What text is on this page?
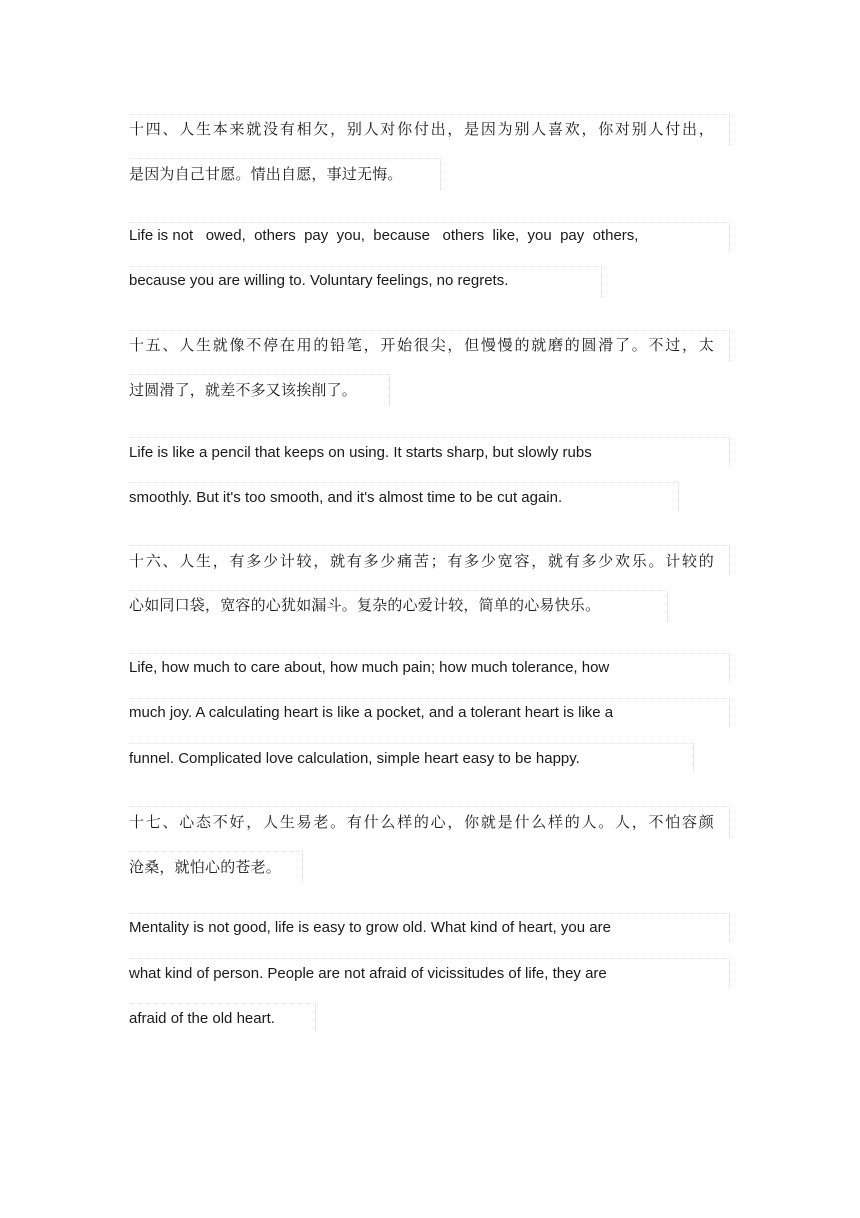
十四、人生本来就没有相欠，别人对你付出，是因为别人喜欢，你对别人付出，
是因为自己甘愿。情出自愿，事过无悔。
Life is not   owed,  others  pay  you,  because   others  like,  you  pay  others,
because you are willing to. Voluntary feelings, no regrets.
十五、人生就像不停在用的铅笔，开始很尖，但慢慢的就磨的圆滑了。不过，太
过圆滑了，就差不多又该挨削了。
Life is like a pencil that keeps on using. It starts sharp, but slowly rubs
smoothly. But it's too smooth, and it's almost time to be cut again.
十六、人生，有多少计较，就有多少痛苦；有多少宽容，就有多少欢乐。计较的
心如同口袋，宽容的心犹如漏斗。复杂的心爱计较，简单的心易快乐。
Life, how much to care about, how much pain; how much tolerance, how
much joy. A calculating heart is like a pocket, and a tolerant heart is like a
funnel. Complicated love calculation, simple heart easy to be happy.
十七、心态不好，人生易老。有什么样的心，你就是什么样的人。人，不怕容颜
沧桑，就怕心的苍老。
Mentality is not good, life is easy to grow old. What kind of heart, you are
what kind of person. People are not afraid of vicissitudes of life, they are
afraid of the old heart.
